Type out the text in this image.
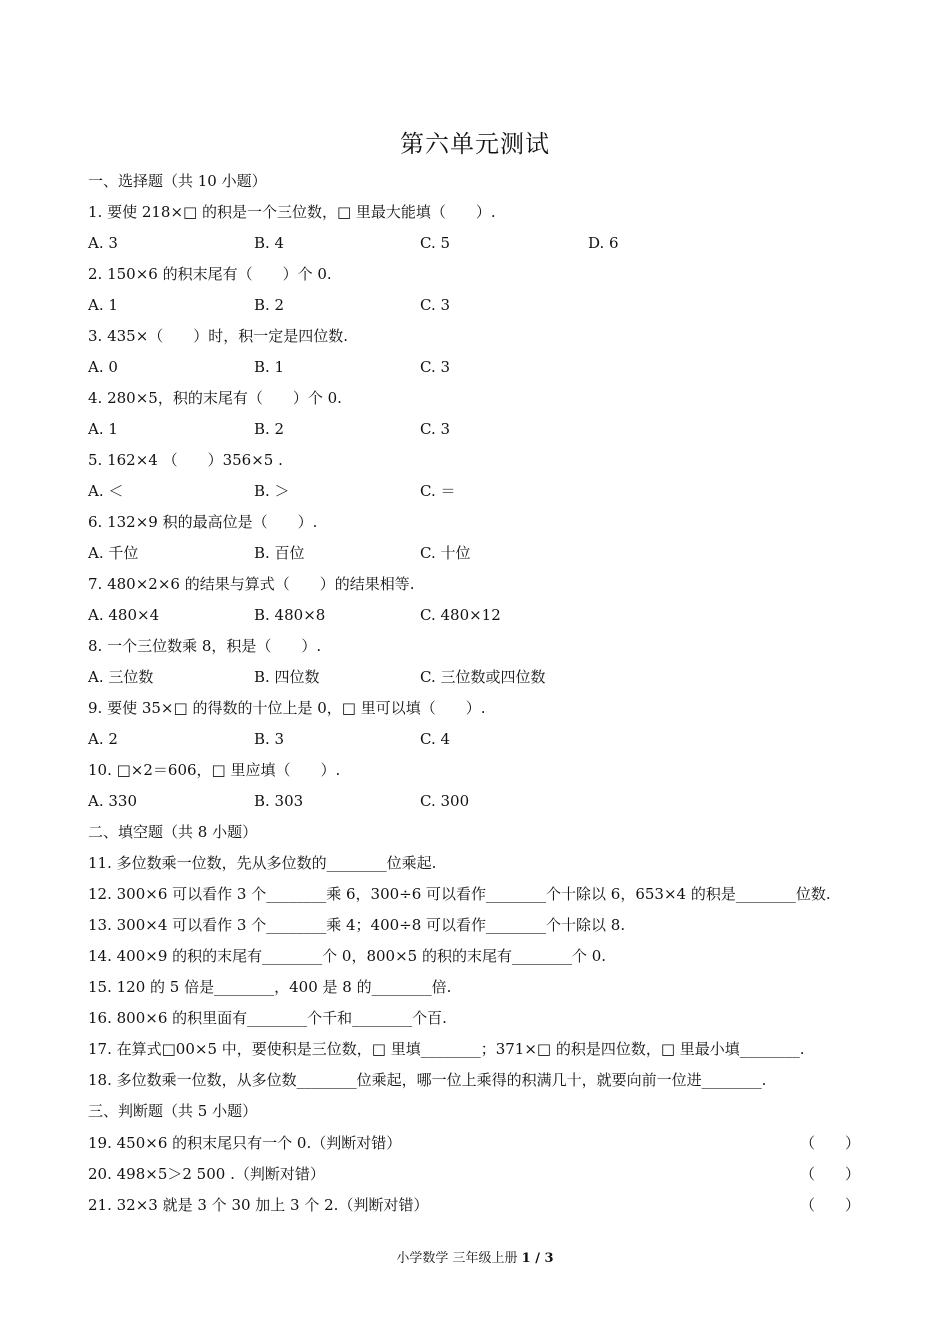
第六单元测试
一、选择题（共 10 小题）
1. 要使 218×□ 的积是一个三位数，□ 里最大能填（　　）.
A. 3	B. 4	C. 5	D. 6
2. 150×6 的积末尾有（　　）个 0.
A. 1	B. 2	C. 3
3. 435×（　　）时，积一定是四位数.
A. 0	B. 1	C. 3
4. 280×5，积的末尾有（　　）个 0.
A. 1	B. 2	C. 3
5. 162×4 （　　）356×5 .
A. ＜	B. ＞	C. ＝
6. 132×9 积的最高位是（　　）.
A. 千位	B. 百位	C. 十位
7. 480×2×6 的结果与算式（　　）的结果相等.
A. 480×4	B. 480×8	C. 480×12
8. 一个三位数乘 8，积是（　　）.
A. 三位数	B. 四位数	C. 三位数或四位数
9. 要使 35×□ 的得数的十位上是 0，□ 里可以填（　　）.
A. 2	B. 3	C. 4
10. □×2＝606，□ 里应填（　　）.
A. 330	B. 303	C. 300
二、填空题（共 8 小题）
11. 多位数乘一位数，先从多位数的________位乘起.
12. 300×6 可以看作 3 个________乘 6，300÷6 可以看作________个十除以 6，653×4 的积是________位数.
13. 300×4 可以看作 3 个________乘 4；400÷8 可以看作________个十除以 8.
14. 400×9 的积的末尾有________个 0，800×5 的积的末尾有________个 0.
15. 120 的 5 倍是________，400 是 8 的________倍.
16. 800×6 的积里面有________个千和________个百.
17. 在算式□00×5 中，要使积是三位数，□ 里填________；371×□ 的积是四位数，□ 里最小填________.
18. 多位数乘一位数，从多位数________位乘起，哪一位上乘得的积满几十，就要向前一位进________.
三、判断题（共 5 小题）
19. 450×6 的积末尾只有一个 0.（判断对错）	（　　）
20. 498×5＞2 500 .（判断对错）	（　　）
21. 32×3 就是 3 个 30 加上 3 个 2.（判断对错）	（　　）
小学数学 三年级上册 1 / 3
